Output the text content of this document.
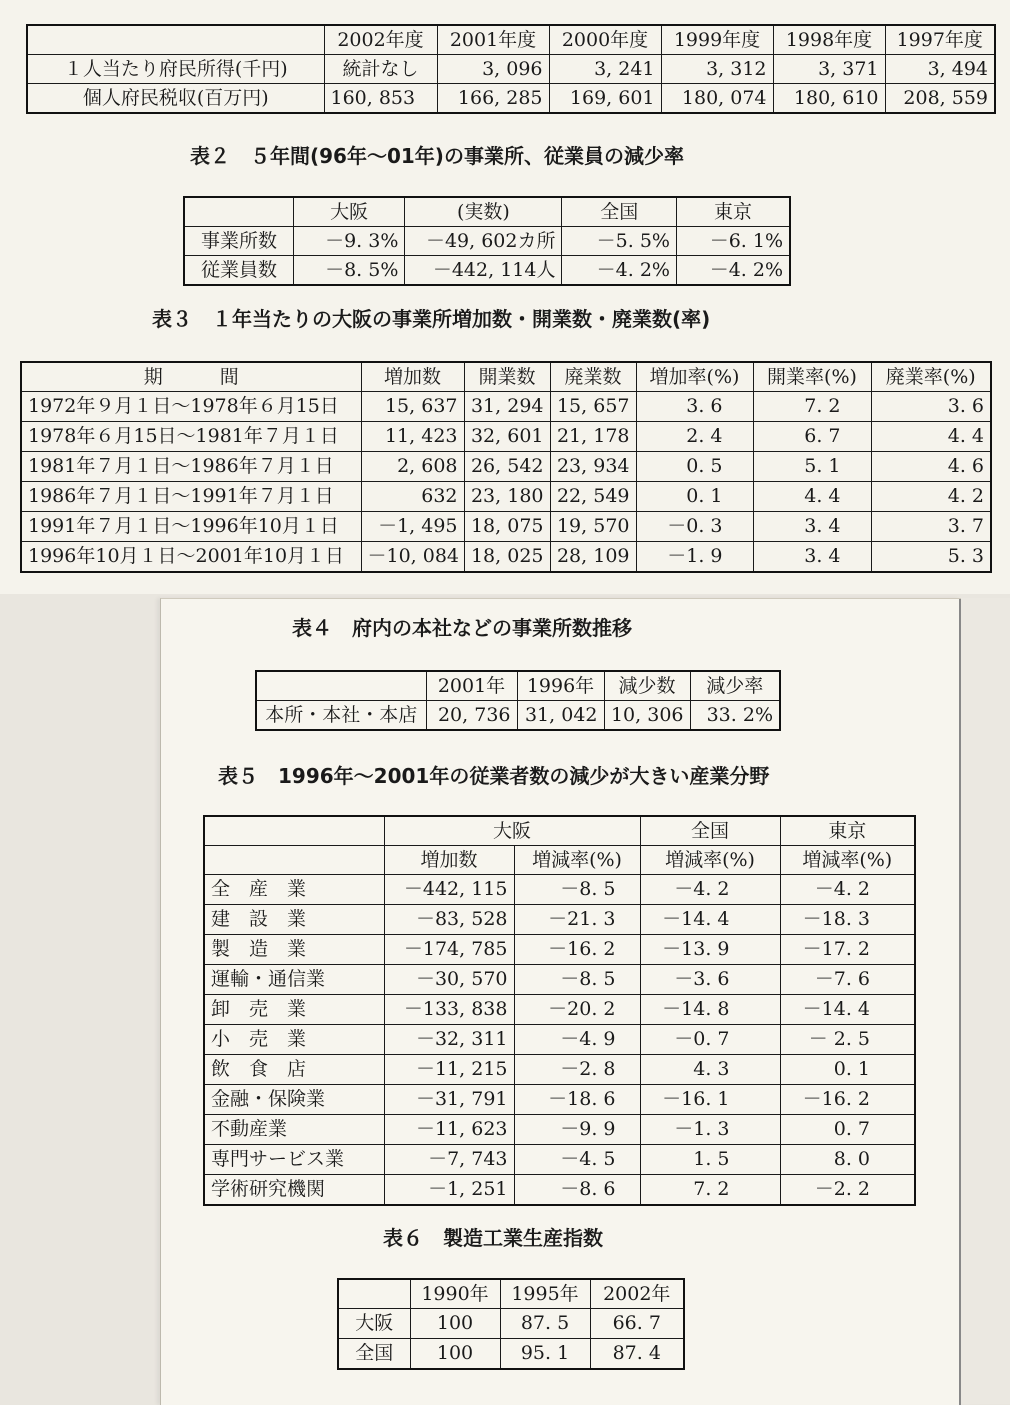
	2002年度	2001年度	2000年度	1999年度	1998年度	1997年度
１人当たり府民所得(千円)	統計なし	3, 096	3, 241	3, 312	3, 371	3, 494
個人府民税収(百万円)	160, 853	166, 285	169, 601	180, 074	180, 610	208, 559
表２　５年間(96年～01年)の事業所、従業員の減少率
	大阪	(実数)	全国	東京
事業所数	－9. 3%	－49, 602カ所	－5. 5%	－6. 1%
従業員数	－8. 5%	－442, 114人	－4. 2%	－4. 2%
表３　１年当たりの大阪の事業所増加数・開業数・廃業数(率)
期　　　間	増加数	開業数	廃業数	増加率(%)	開業率(%)	廃業率(%)
1972年９月１日～1978年６月15日	15, 637	31, 294	15, 657	3. 6	7. 2	3. 6
1978年６月15日～1981年７月１日	11, 423	32, 601	21, 178	2. 4	6. 7	4. 4
1981年７月１日～1986年７月１日	2, 608	26, 542	23, 934	0. 5	5. 1	4. 6
1986年７月１日～1991年７月１日	632	23, 180	22, 549	0. 1	4. 4	4. 2
1991年７月１日～1996年10月１日	－1, 495	18, 075	19, 570	－0. 3	3. 4	3. 7
1996年10月１日～2001年10月１日	－10, 084	18, 025	28, 109	－1. 9	3. 4	5. 3
表４　府内の本社などの事業所数推移
	2001年	1996年	減少数	減少率
本所・本社・本店	20, 736	31, 042	10, 306	33. 2%
表５　1996年～2001年の従業者数の減少が大きい産業分野
	大阪		全国	東京
	増加数	増減率(%)	増減率(%)	増減率(%)
全　産　業	－442, 115	－8. 5	－4. 2	－4. 2
建　設　業	－83, 528	－21. 3	－14. 4	－18. 3
製　造　業	－174, 785	－16. 2	－13. 9	－17. 2
運輸・通信業	－30, 570	－8. 5	－3. 6	－7. 6
卸　売　業	－133, 838	－20. 2	－14. 8	－14. 4
小　売　業	－32, 311	－4. 9	－0. 7	－ 2. 5
飲　食　店	－11, 215	－2. 8	4. 3	0. 1
金融・保険業	－31, 791	－18. 6	－16. 1	－16. 2
不動産業	－11, 623	－9. 9	－1. 3	0. 7
専門サービス業	－7, 743	－4. 5	1. 5	8. 0
学術研究機関	－1, 251	－8. 6	7. 2	－2. 2
表６　製造工業生産指数
	1990年	1995年	2002年
大阪	100	87. 5	66. 7
全国	100	95. 1	87. 4
